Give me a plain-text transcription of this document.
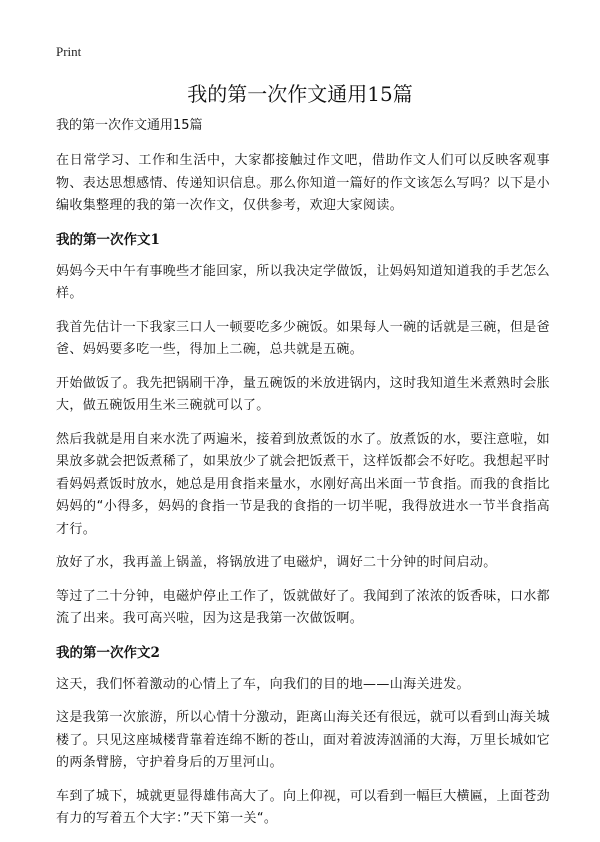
Print
我的第一次作文通用15篇
我的第一次作文通用15篇

在日常学习、工作和生活中，大家都接触过作文吧，借助作文人们可以反映客观事物、表达思想感情、传递知识信息。那么你知道一篇好的作文该怎么写吗？以下是小编收集整理的我的第一次作文，仅供参考，欢迎大家阅读。

我的第一次作文1

妈妈今天中午有事晚些才能回家，所以我决定学做饭，让妈妈知道知道我的手艺怎么样。

我首先估计一下我家三口人一顿要吃多少碗饭。如果每人一碗的话就是三碗，但是爸爸、妈妈要多吃一些，得加上二碗，总共就是五碗。

开始做饭了。我先把锅刷干净，量五碗饭的米放进锅内，这时我知道生米煮熟时会胀大，做五碗饭用生米三碗就可以了。

然后我就是用自来水洗了两遍米，接着到放煮饭的水了。放煮饭的水，要注意啦，如果放多就会把饭煮稀了，如果放少了就会把饭煮干，这样饭都会不好吃。我想起平时看妈妈煮饭时放水，她总是用食指来量水，水刚好高出米面一节食指。而我的食指比妈妈的“小得多，妈妈的食指一节是我的食指的一切半呢，我得放进水一节半食指高才行。

放好了水，我再盖上锅盖，将锅放进了电磁炉，调好二十分钟的时间启动。

等过了二十分钟，电磁炉停止工作了，饭就做好了。我闻到了浓浓的饭香味，口水都流了出来。我可高兴啦，因为这是我第一次做饭啊。

我的第一次作文2

这天，我们怀着激动的心情上了车，向我们的目的地——山海关进发。

这是我第一次旅游，所以心情十分激动，距离山海关还有很远，就可以看到山海关城楼了。只见这座城楼背靠着连绵不断的苍山，面对着波涛汹涌的大海，万里长城如它的两条臂膀，守护着身后的万里河山。

车到了城下，城就更显得雄伟高大了。向上仰视，可以看到一幅巨大横匾，上面苍劲有力的写着五个大字：”天下第一关“。
